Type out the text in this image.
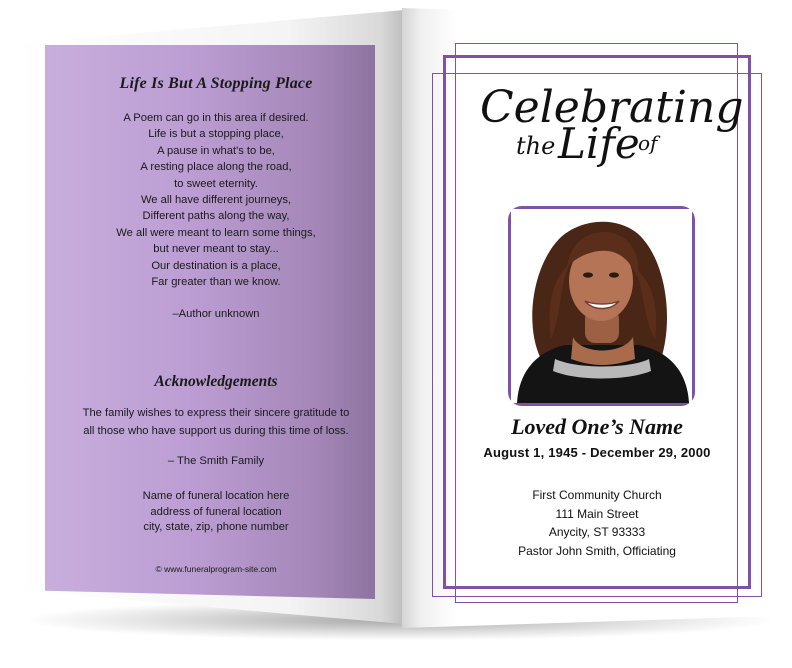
Life Is But A Stopping Place
A Poem can go in this area if desired.
Life is but a stopping place,
A pause in what's to be,
A resting place along the road,
to sweet eternity.
We all have different journeys,
Different paths along the way,
We all were meant to learn some things,
but never meant to stay...
Our destination is a place,
Far greater than we know.
–Author unknown
Acknowledgements
The family wishes to express their sincere gratitude to
all those who have support us during this time of loss.
– The Smith Family
Name of funeral location here
address of funeral location
city, state, zip, phone number
© www.funeralprogram-site.com
Celebrating
the Life
of
Loved One’s Name
August 1, 1945 - December 29, 2000
First Community Church
111 Main Street
Anycity, ST 93333
Pastor John Smith, Officiating
